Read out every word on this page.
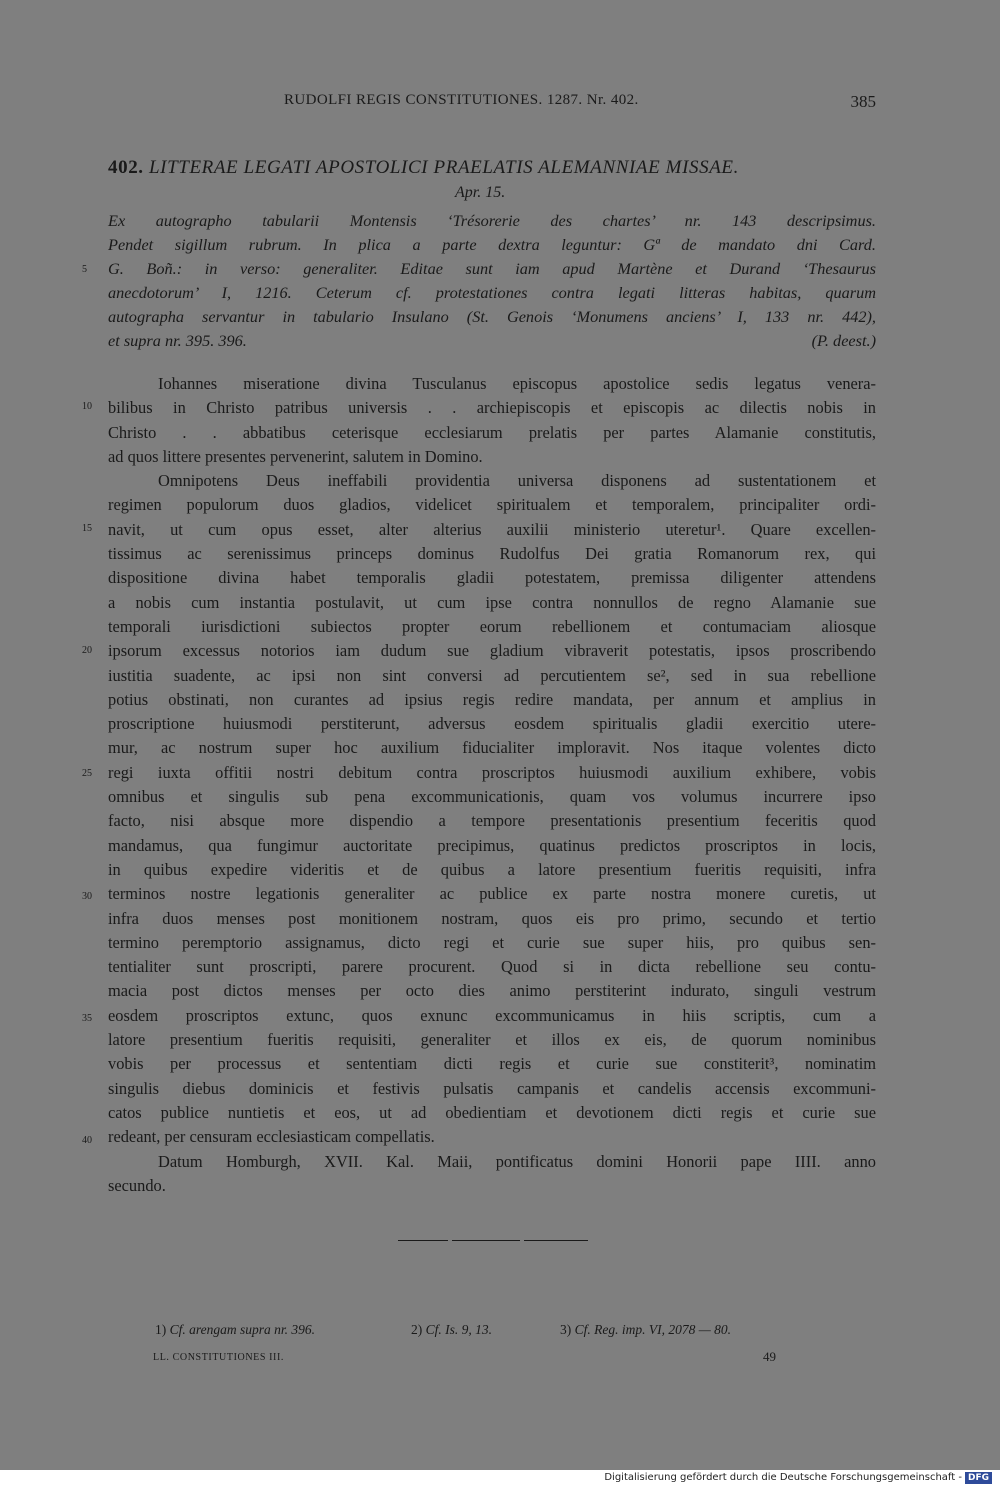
RUDOLFI REGIS CONSTITUTIONES. 1287. Nr. 402.	385
402. LITTERAE LEGATI APOSTOLICI PRAELATIS ALEMANNIAE MISSAE.
Apr. 15.
Ex autographo tabularii Montensis ‘Trésorerie des chartes’ nr. 143 descripsimus.
Pendet sigillum rubrum. In plica a parte dextra leguntur: Gª de mandato dni Card.
G. Boñ.: in verso: generaliter. Editae sunt iam apud Martène et Durand ‘Thesaurus
anecdotorum’ I, 1216. Ceterum cf. protestationes contra legati litteras habitas, quarum
autographa servantur in tabulario Insulano (St. Genois ‘Monumens anciens’ I, 133 nr. 442),
et supra nr. 395. 396.	(P. deest.)
Iohannes miseratione divina Tusculanus episcopus apostolice sedis legatus venera-
bilibus in Christo patribus universis . . archiepiscopis et episcopis ac dilectis nobis in
Christo . . abbatibus ceterisque ecclesiarum prelatis per partes Alamanie constitutis,
ad quos littere presentes pervenerint, salutem in Domino.
Omnipotens Deus ineffabili providentia universa disponens ad sustentationem et
regimen populorum duos gladios, videlicet spiritualem et temporalem, principaliter ordi-
navit, ut cum opus esset, alter alterius auxilii ministerio uteretur¹. Quare excellen-
tissimus ac serenissimus princeps dominus Rudolfus Dei gratia Romanorum rex, qui
dispositione divina habet temporalis gladii potestatem, premissa diligenter attendens
a nobis cum instantia postulavit, ut cum ipse contra nonnullos de regno Alamanie sue
temporali iurisdictioni subiectos propter eorum rebellionem et contumaciam aliosque
ipsorum excessus notorios iam dudum sue gladium vibraverit potestatis, ipsos proscribendo
iustitia suadente, ac ipsi non sint conversi ad percutientem se², sed in sua rebellione
potius obstinati, non curantes ad ipsius regis redire mandata, per annum et amplius in
proscriptione huiusmodi perstiterunt, adversus eosdem spiritualis gladii exercitio utere-
mur, ac nostrum super hoc auxilium fiducialiter imploravit. Nos itaque volentes dicto
regi iuxta offitii nostri debitum contra proscriptos huiusmodi auxilium exhibere, vobis
omnibus et singulis sub pena excommunicationis, quam vos volumus incurrere ipso
facto, nisi absque more dispendio a tempore presentationis presentium feceritis quod
mandamus, qua fungimur auctoritate precipimus, quatinus predictos proscriptos in locis,
in quibus expedire videritis et de quibus a latore presentium fueritis requisiti, infra
terminos nostre legationis generaliter ac publice ex parte nostra monere curetis, ut
infra duos menses post monitionem nostram, quos eis pro primo, secundo et tertio
termino peremptorio assignamus, dicto regi et curie sue super hiis, pro quibus sen-
tentialiter sunt proscripti, parere procurent. Quod si in dicta rebellione seu contu-
macia post dictos menses per octo dies animo perstiterint indurato, singuli vestrum
eosdem proscriptos extunc, quos exnunc excommunicamus in hiis scriptis, cum a
latore presentium fueritis requisiti, generaliter et illos ex eis, de quorum nominibus
vobis per processus et sententiam dicti regis et curie sue constiterit³, nominatim
singulis diebus dominicis et festivis pulsatis campanis et candelis accensis excommuni-
catos publice nuntietis et eos, ut ad obedientiam et devotionem dicti regis et curie sue
redeant, per censuram ecclesiasticam compellatis.
Datum Homburgh, XVII. Kal. Maii, pontificatus domini Honorii pape IIII. anno
secundo.
5
10
15
20
25
30
35
40
1) Cf. arengam supra nr. 396.	2) Cf. Is. 9, 13.	3) Cf. Reg. imp. VI, 2078 — 80.
LL. CONSTITUTIONES III.	49
Digitalisierung gefördert durch die Deutsche Forschungsgemeinschaft - DFG
